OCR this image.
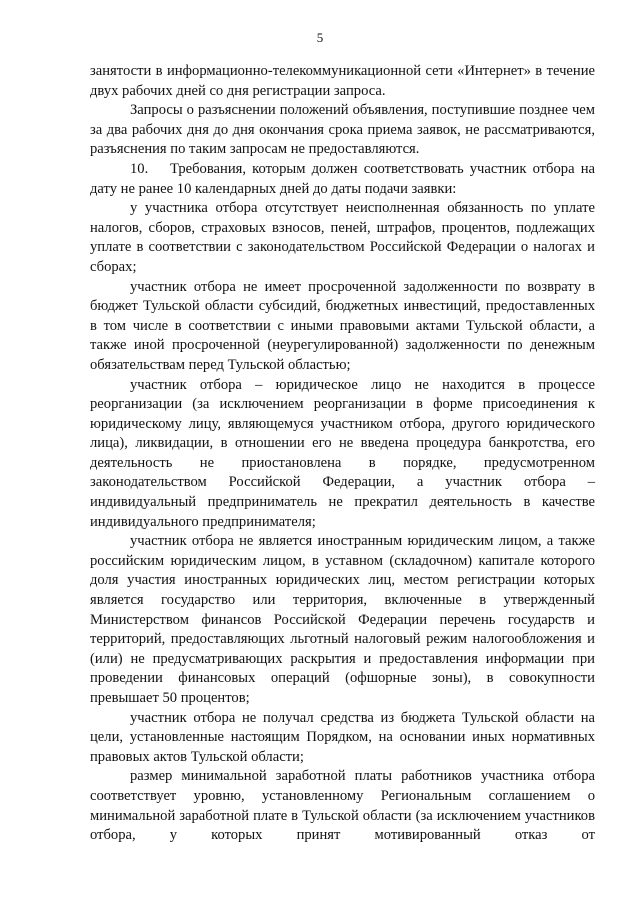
5

занятости в информационно-телекоммуникационной сети «Интернет» в течение двух рабочих дней со дня регистрации запроса.

Запросы о разъяснении положений объявления, поступившие позднее чем за два рабочих дня до дня окончания срока приема заявок, не рассматриваются, разъяснения по таким запросам не предоставляются.

10. Требования, которым должен соответствовать участник отбора на дату не ранее 10 календарных дней до даты подачи заявки:

у участника отбора отсутствует неисполненная обязанность по уплате налогов, сборов, страховых взносов, пеней, штрафов, процентов, подлежащих уплате в соответствии с законодательством Российской Федерации о налогах и сборах;

участник отбора не имеет просроченной задолженности по возврату в бюджет Тульской области субсидий, бюджетных инвестиций, предоставленных в том числе в соответствии с иными правовыми актами Тульской области, а также иной просроченной (неурегулированной) задолженности по денежным обязательствам перед Тульской областью;

участник отбора – юридическое лицо не находится в процессе реорганизации (за исключением реорганизации в форме присоединения к юридическому лицу, являющемуся участником отбора, другого юридического лица), ликвидации, в отношении его не введена процедура банкротства, его деятельность не приостановлена в порядке, предусмотренном законодательством Российской Федерации, а участник отбора – индивидуальный предприниматель не прекратил деятельность в качестве индивидуального предпринимателя;

участник отбора не является иностранным юридическим лицом, а также российским юридическим лицом, в уставном (складочном) капитале которого доля участия иностранных юридических лиц, местом регистрации которых является государство или территория, включенные в утвержденный Министерством финансов Российской Федерации перечень государств и территорий, предоставляющих льготный налоговый режим налогообложения и (или) не предусматривающих раскрытия и предоставления информации при проведении финансовых операций (офшорные зоны), в совокупности превышает 50 процентов;

участник отбора не получал средства из бюджета Тульской области на цели, установленные настоящим Порядком, на основании иных нормативных правовых актов Тульской области;

размер минимальной заработной платы работников участника отбора соответствует уровню, установленному Региональным соглашением о минимальной заработной плате в Тульской области (за исключением участников отбора, у которых принят мотивированный отказ от
